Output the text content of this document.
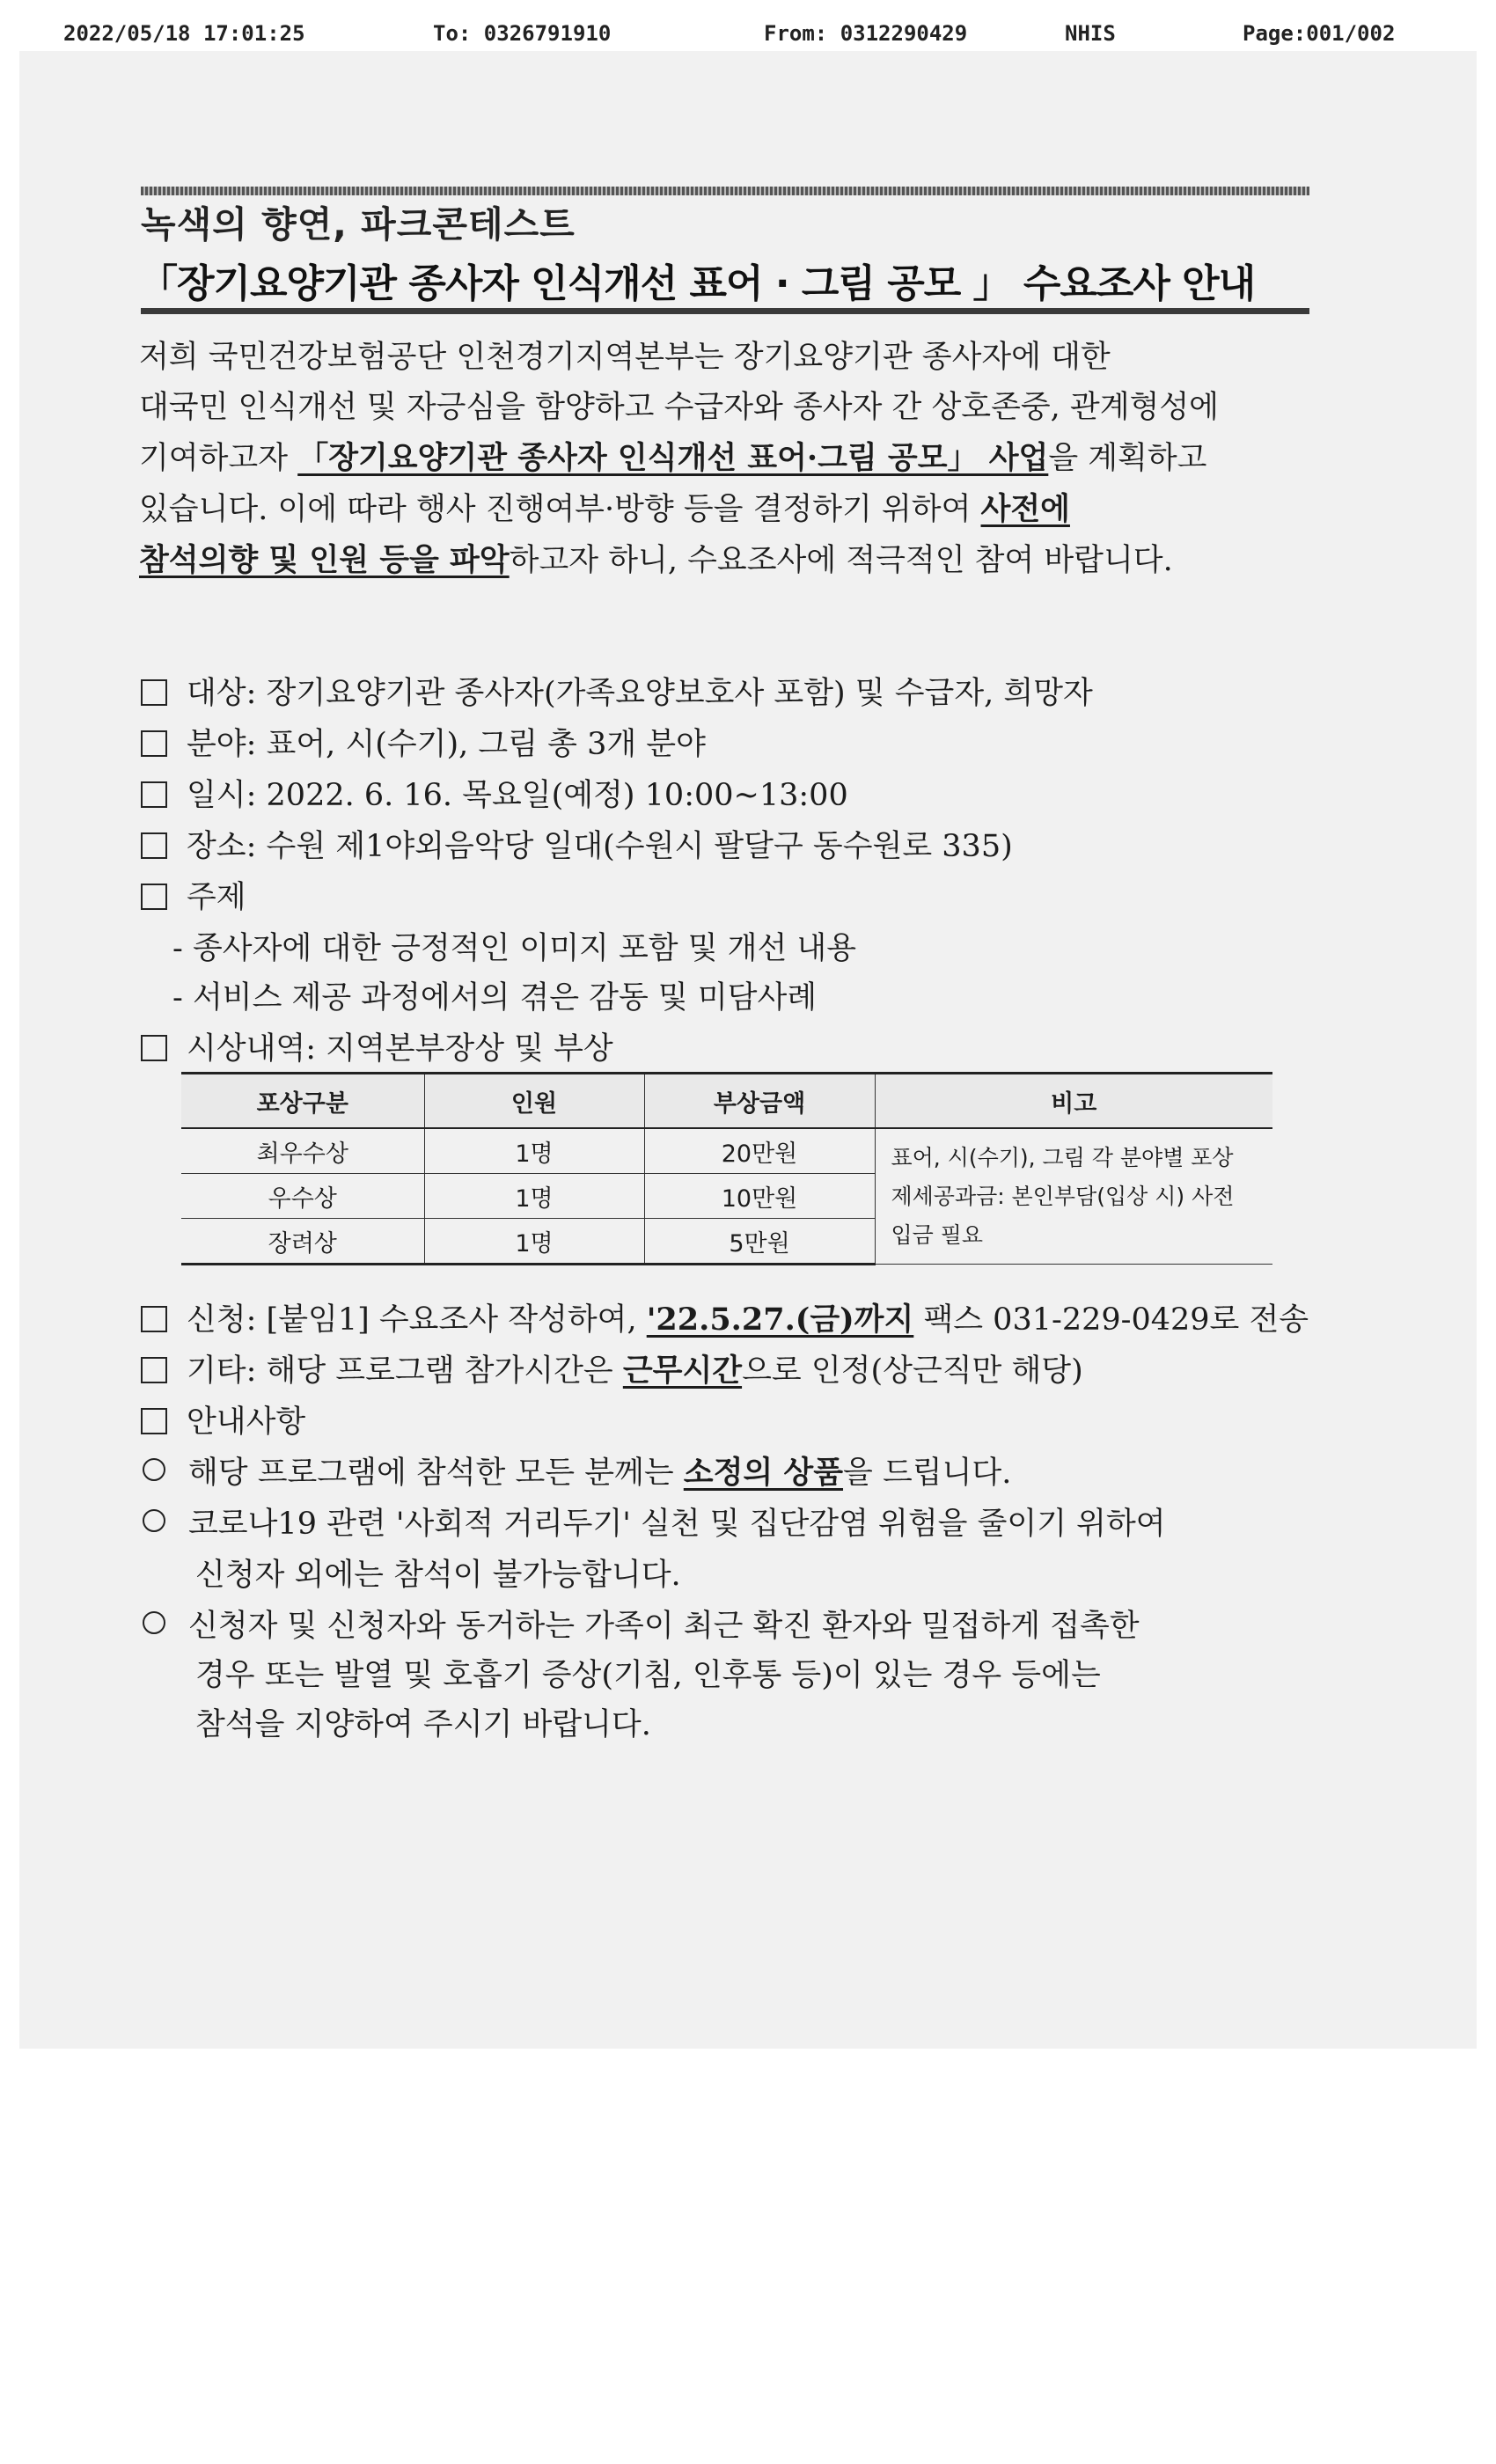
2022/05/18 17:01:25	To: 0326791910	From: 0312290429	NHIS	Page:001/002
녹색의 향연, 파크콘테스트
「장기요양기관 종사자 인식개선 표어 · 그림 공모 」 수요조사 안내
저희 국민건강보험공단 인천경기지역본부는 장기요양기관 종사자에 대한
대국민 인식개선 및 자긍심을 함양하고 수급자와 종사자 간 상호존중, 관계형성에
기여하고자 「장기요양기관 종사자 인식개선 표어·그림 공모」 사업을 계획하고
있습니다. 이에 따라 행사 진행여부·방향 등을 결정하기 위하여 사전에
참석의향 및 인원 등을 파악하고자 하니, 수요조사에 적극적인 참여 바랍니다.
대상: 장기요양기관 종사자(가족요양보호사 포함) 및 수급자, 희망자
분야: 표어, 시(수기), 그림 총 3개 분야
일시: 2022. 6. 16. 목요일(예정) 10:00~13:00
장소: 수원 제1야외음악당 일대(수원시 팔달구 동수원로 335)
주제
- 종사자에 대한 긍정적인 이미지 포함 및 개선 내용
- 서비스 제공 과정에서의 겪은 감동 및 미담사례
시상내역: 지역본부장상 및 부상
포상구분	인원	부상금액	비고
최우수상	1명	20만원	표어, 시(수기), 그림 각 분야별 포상
제세공과금: 본인부담(입상 시) 사전
입금 필요

우수상	1명	10만원	
장려상	1명	5만원	
신청: [붙임1] 수요조사 작성하여, '22.5.27.(금)까지 팩스 031-229-0429로 전송
기타: 해당 프로그램 참가시간은 근무시간으로 인정(상근직만 해당)
안내사항
해당 프로그램에 참석한 모든 분께는 소정의 상품을 드립니다.
코로나19 관련 '사회적 거리두기' 실천 및 집단감염 위험을 줄이기 위하여
신청자 외에는 참석이 불가능합니다.
신청자 및 신청자와 동거하는 가족이 최근 확진 환자와 밀접하게 접촉한
경우 또는 발열 및 호흡기 증상(기침, 인후통 등)이 있는 경우 등에는
참석을 지양하여 주시기 바랍니다.
